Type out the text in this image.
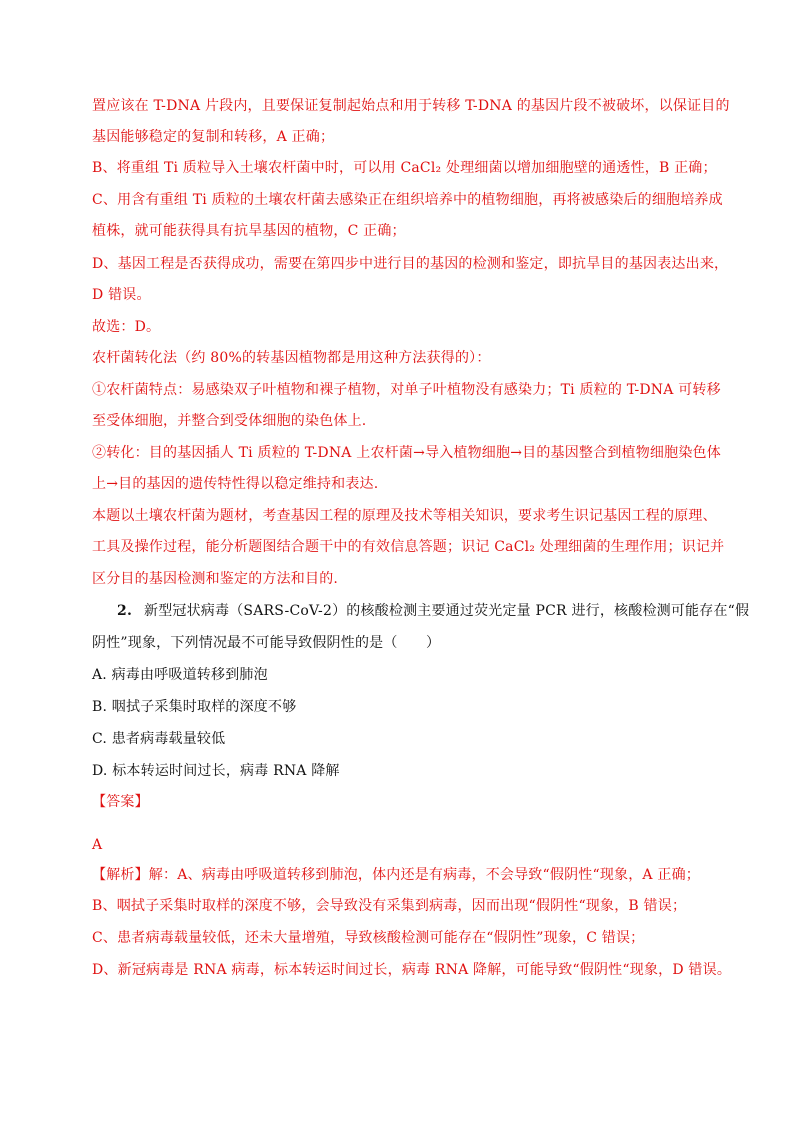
置应该在 T-DNA 片段内，且要保证复制起始点和用于转移 T-DNA 的基因片段不被破坏，以保证目的
基因能够稳定的复制和转移，A 正确；
B、将重组 Ti 质粒导入土壤农杆菌中时，可以用 CaCl₂ 处理细菌以增加细胞壁的通透性，B 正确；
C、用含有重组 Ti 质粒的土壤农杆菌去感染正在组织培养中的植物细胞，再将被感染后的细胞培养成
植株，就可能获得具有抗旱基因的植物，C 正确；
D、基因工程是否获得成功，需要在第四步中进行目的基因的检测和鉴定，即抗旱目的基因表达出来，
D 错误。
故选：D。
农杆菌转化法（约 80%的转基因植物都是用这种方法获得的）：
①农杆菌特点：易感染双子叶植物和裸子植物，对单子叶植物没有感染力；Ti 质粒的 T-DNA 可转移
至受体细胞，并整合到受体细胞的染色体上.
②转化：目的基因插人 Ti 质粒的 T-DNA 上农杆菌→导入植物细胞→目的基因整合到植物细胞染色体
上→目的基因的遗传特性得以稳定维持和表达.
本题以土壤农杆菌为题材，考查基因工程的原理及技术等相关知识，要求考生识记基因工程的原理、
工具及操作过程，能分析题图结合题干中的有效信息答题；识记 CaCl₂ 处理细菌的生理作用；识记并
区分目的基因检测和鉴定的方法和目的.
2. 新型冠状病毒（SARS-CoV-2）的核酸检测主要通过荧光定量 PCR 进行，核酸检测可能存在“假
阴性”现象，下列情况最不可能导致假阴性的是（　　）
A. 病毒由呼吸道转移到肺泡
B. 咽拭子采集时取样的深度不够
C. 患者病毒载量较低
D. 标本转运时间过长，病毒 RNA 降解
【答案】
A
【解析】解：A、病毒由呼吸道转移到肺泡，体内还是有病毒，不会导致“假阴性“现象，A 正确；
B、咽拭子采集时取样的深度不够，会导致没有采集到病毒，因而出现“假阴性“现象，B 错误；
C、患者病毒载量较低，还未大量增殖，导致核酸检测可能存在“假阴性”现象，C 错误；
D、新冠病毒是 RNA 病毒，标本转运时间过长，病毒 RNA 降解，可能导致“假阴性“现象，D 错误。
